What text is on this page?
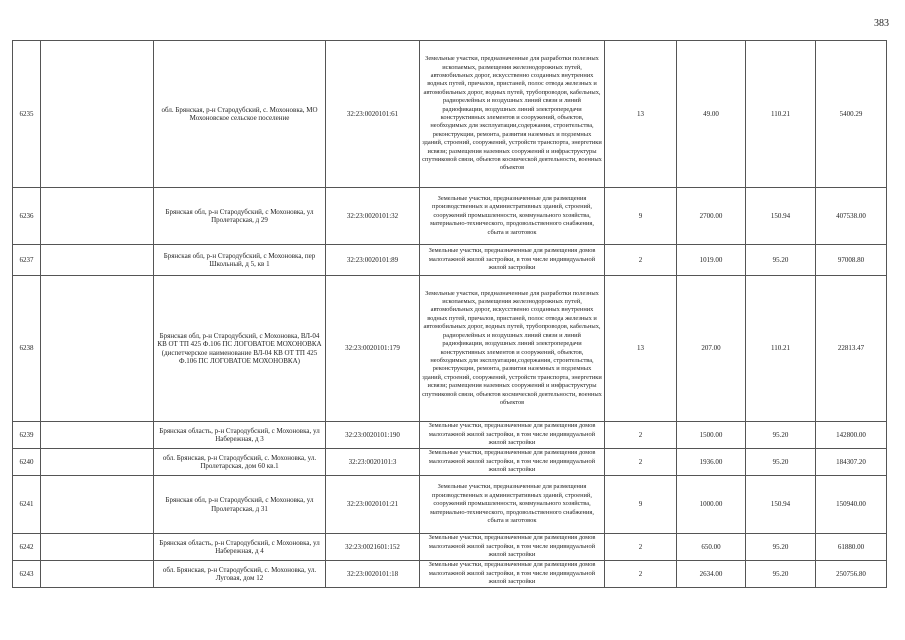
383
6235		обл. Брянская, р-н Стародубский, с. Мохоновка, МО Мохоновское сельское поселение	32:23:0020101:61	Земельные участки, предназначенные для разработки полезных ископаемых, размещения железнодорожных путей, автомобильных дорог, искусственно созданных внутренних водных путей, причалов, пристаней, полос отвода железных и автомобильных дорог, водных путей, трубопроводов, кабельных, радиорелейных и воздушных линий связи и линий радиофикации, воздушных линий электропередачи конструктивных элементов и сооружений, объектов, необходимых для эксплуатации,содержания, строительства, реконструкции, ремонта, развития наземных и подземных зданий, строений, сооружений, устройств транспорта, энергетики исвязи; размещения наземных сооружений и инфраструктуры спутниковой связи, объектов космической деятельности, военных объектов	13	49.00	110.21	5400.29
6236		Брянская обл, р-н Стародубский, с Мохоновка, ул Пролетарская, д 29	32:23:0020101:32	Земельные участки, предназначенные для размещения производственных и административных зданий, строений, сооружений промышленности, коммунального хозяйства, материально-технического, продовольственного снабжения, сбыта и заготовок	9	2700.00	150.94	407538.00
6237		Брянская обл, р-н Стародубский, с Мохоновка, пер Школьный, д 5, кв 1	32:23:0020101:89	Земельные участки, предназначенные для размещения домов малоэтажной жилой застройки, в том числе индивидуальной жилой застройки	2	1019.00	95.20	97008.80
6238		Брянская обл, р-н Стародубский, с Мохоновка, ВЛ-04 КВ ОТ ТП 425 Ф.106 ПС ЛОГОВАТОЕ МОХОНОВКА (диспетчерское наименование ВЛ-04 КВ ОТ ТП 425 Ф.106 ПС ЛОГОВАТОЕ МОХОНОВКА)	32:23:0020101:179	Земельные участки, предназначенные для разработки полезных ископаемых, размещения железнодорожных путей, автомобильных дорог, искусственно созданных внутренних водных путей, причалов, пристаней, полос отвода железных и автомобильных дорог, водных путей, трубопроводов, кабельных, радиорелейных и воздушных линий связи и линий радиофикации, воздушных линий электропередачи конструктивных элементов и сооружений, объектов, необходимых для эксплуатации,содержания, строительства, реконструкции, ремонта, развития наземных и подземных зданий, строений, сооружений, устройств транспорта, энергетики исвязи; размещения наземных сооружений и инфраструктуры спутниковой связи, объектов космической деятельности, военных объектов	13	207.00	110.21	22813.47
6239		Брянская область, р-н Стародубский, с Мохоновка, ул Набережная, д 3	32:23:0020101:190	Земельные участки, предназначенные для размещения домов малоэтажной жилой застройки, в том числе индивидуальной жилой застройки	2	1500.00	95.20	142800.00
6240		обл. Брянская, р-н Стародубский, с. Мохоновка, ул. Пролетарская, дом 60 кв.1	32:23:0020101:3	Земельные участки, предназначенные для размещения домов малоэтажной жилой застройки, в том числе индивидуальной жилой застройки	2	1936.00	95.20	184307.20
6241		Брянская обл, р-н Стародубский, с Мохоновка, ул Пролетарская, д 31	32:23:0020101:21	Земельные участки, предназначенные для размещения производственных и административных зданий, строений, сооружений промышленности, коммунального хозяйства, материально-технического, продовольственного снабжения, сбыта и заготовок	9	1000.00	150.94	150940.00
6242		Брянская область, р-н Стародубский, с Мохоновка, ул Набережная, д 4	32:23:0021601:152	Земельные участки, предназначенные для размещения домов малоэтажной жилой застройки, в том числе индивидуальной жилой застройки	2	650.00	95.20	61880.00
6243		обл. Брянская, р-н Стародубский, с. Мохоновка, ул. Луговая, дом 12	32:23:0020101:18	Земельные участки, предназначенные для размещения домов малоэтажной жилой застройки, в том числе индивидуальной жилой застройки	2	2634.00	95.20	250756.80
